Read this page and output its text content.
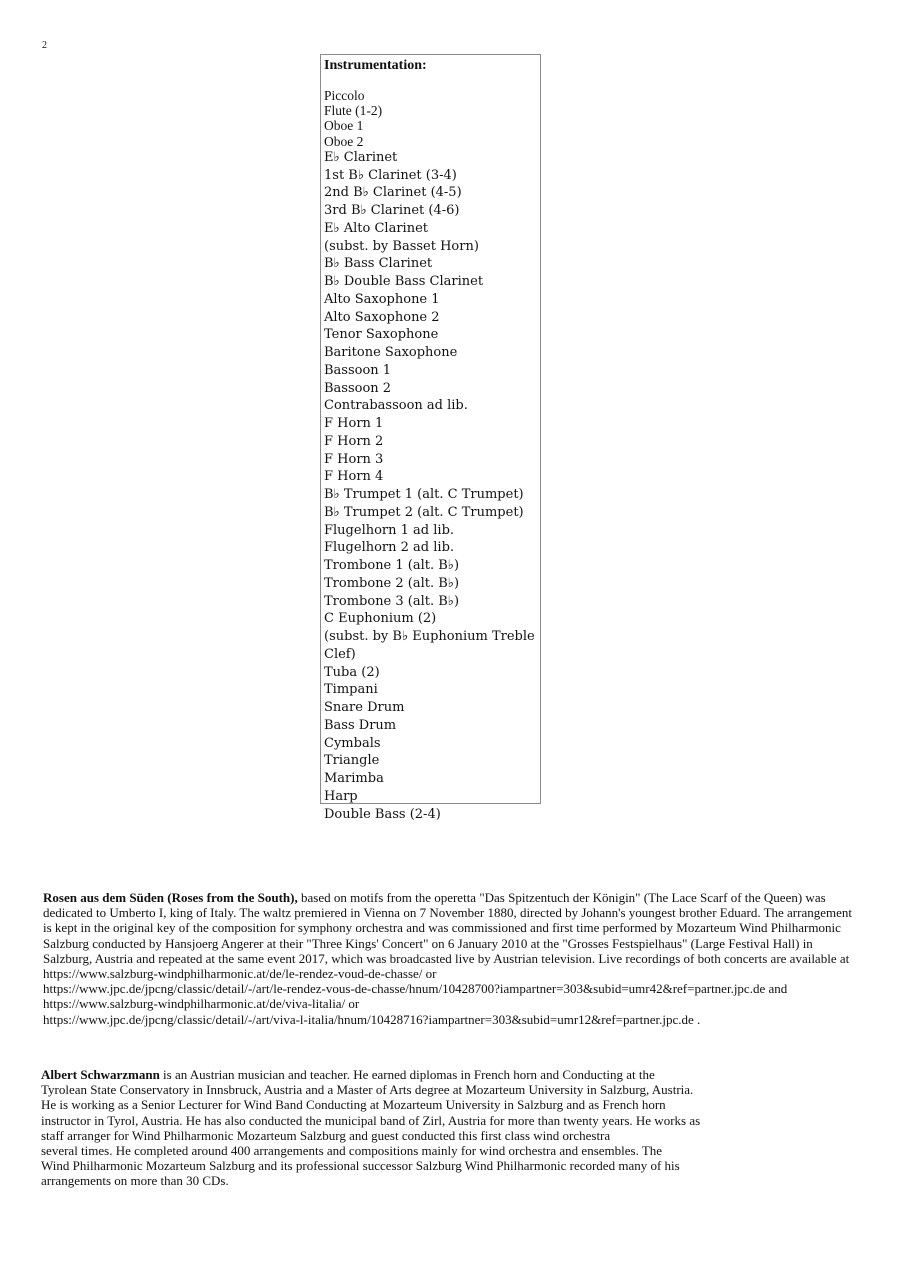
2
Instrumentation:
Piccolo
Flute (1-2)
Oboe 1
Oboe 2
E♭ Clarinet
1st B♭ Clarinet (3-4)
2nd B♭ Clarinet (4-5)
3rd B♭ Clarinet (4-6)
E♭ Alto Clarinet
(subst. by Basset Horn)
B♭ Bass Clarinet
B♭ Double Bass Clarinet
Alto Saxophone 1
Alto Saxophone 2
Tenor Saxophone
Baritone Saxophone
Bassoon 1
Bassoon 2
Contrabassoon ad lib.
F Horn 1
F Horn 2
F Horn 3
F Horn 4
B♭ Trumpet 1 (alt. C Trumpet)
B♭ Trumpet 2 (alt. C Trumpet)
Flugelhorn 1 ad lib.
Flugelhorn 2 ad lib.
Trombone 1 (alt. B♭)
Trombone 2 (alt. B♭)
Trombone 3 (alt. B♭)
C Euphonium (2)
(subst. by B♭ Euphonium Treble Clef)
Tuba (2)
Timpani
Snare Drum
Bass Drum
Cymbals
Triangle
Marimba
Harp
Double Bass (2-4)

Rosen aus dem Süden (Roses from the South), based on motifs from the operetta "Das Spitzentuch der Königin" (The Lace Scarf of the Queen) was dedicated to Umberto I, king of Italy. The waltz premiered in Vienna on 7 November 1880, directed by Johann's youngest brother Eduard. The arrangement is kept in the original key of the composition for symphony orchestra and was commissioned and first time performed by Mozarteum Wind Philharmonic Salzburg conducted by Hansjoerg Angerer at their "Three Kings' Concert" on 6 January 2010 at the "Grosses Festspielhaus" (Large Festival Hall) in Salzburg, Austria and repeated at the same event 2017, which was broadcasted live by Austrian television. Live recordings of both concerts are available at
https://www.salzburg-windphilharmonic.at/de/le-rendez-voud-de-chasse/ or
https://www.jpc.de/jpcng/classic/detail/-/art/le-rendez-vous-de-chasse/hnum/10428700?iampartner=303&subid=umr42&ref=partner.jpc.de and
https://www.salzburg-windphilharmonic.at/de/viva-litalia/ or
https://www.jpc.de/jpcng/classic/detail/-/art/viva-l-italia/hnum/10428716?iampartner=303&subid=umr12&ref=partner.jpc.de .

Albert Schwarzmann is an Austrian musician and teacher. He earned diplomas in French horn and Conducting at the
Tyrolean State Conservatory in Innsbruck, Austria and a Master of Arts degree at Mozarteum University in Salzburg, Austria.
He is working as a Senior Lecturer for Wind Band Conducting at Mozarteum University in Salzburg and as French horn
instructor in Tyrol, Austria. He has also conducted the municipal band of Zirl, Austria for more than twenty years. He works as
staff arranger for Wind Philharmonic Mozarteum Salzburg and guest conducted this first class wind orchestra
several times. He completed around 400 arrangements and compositions mainly for wind orchestra and ensembles. The
Wind Philharmonic Mozarteum Salzburg and its professional successor Salzburg Wind Philharmonic recorded many of his
arrangements on more than 30 CDs.
